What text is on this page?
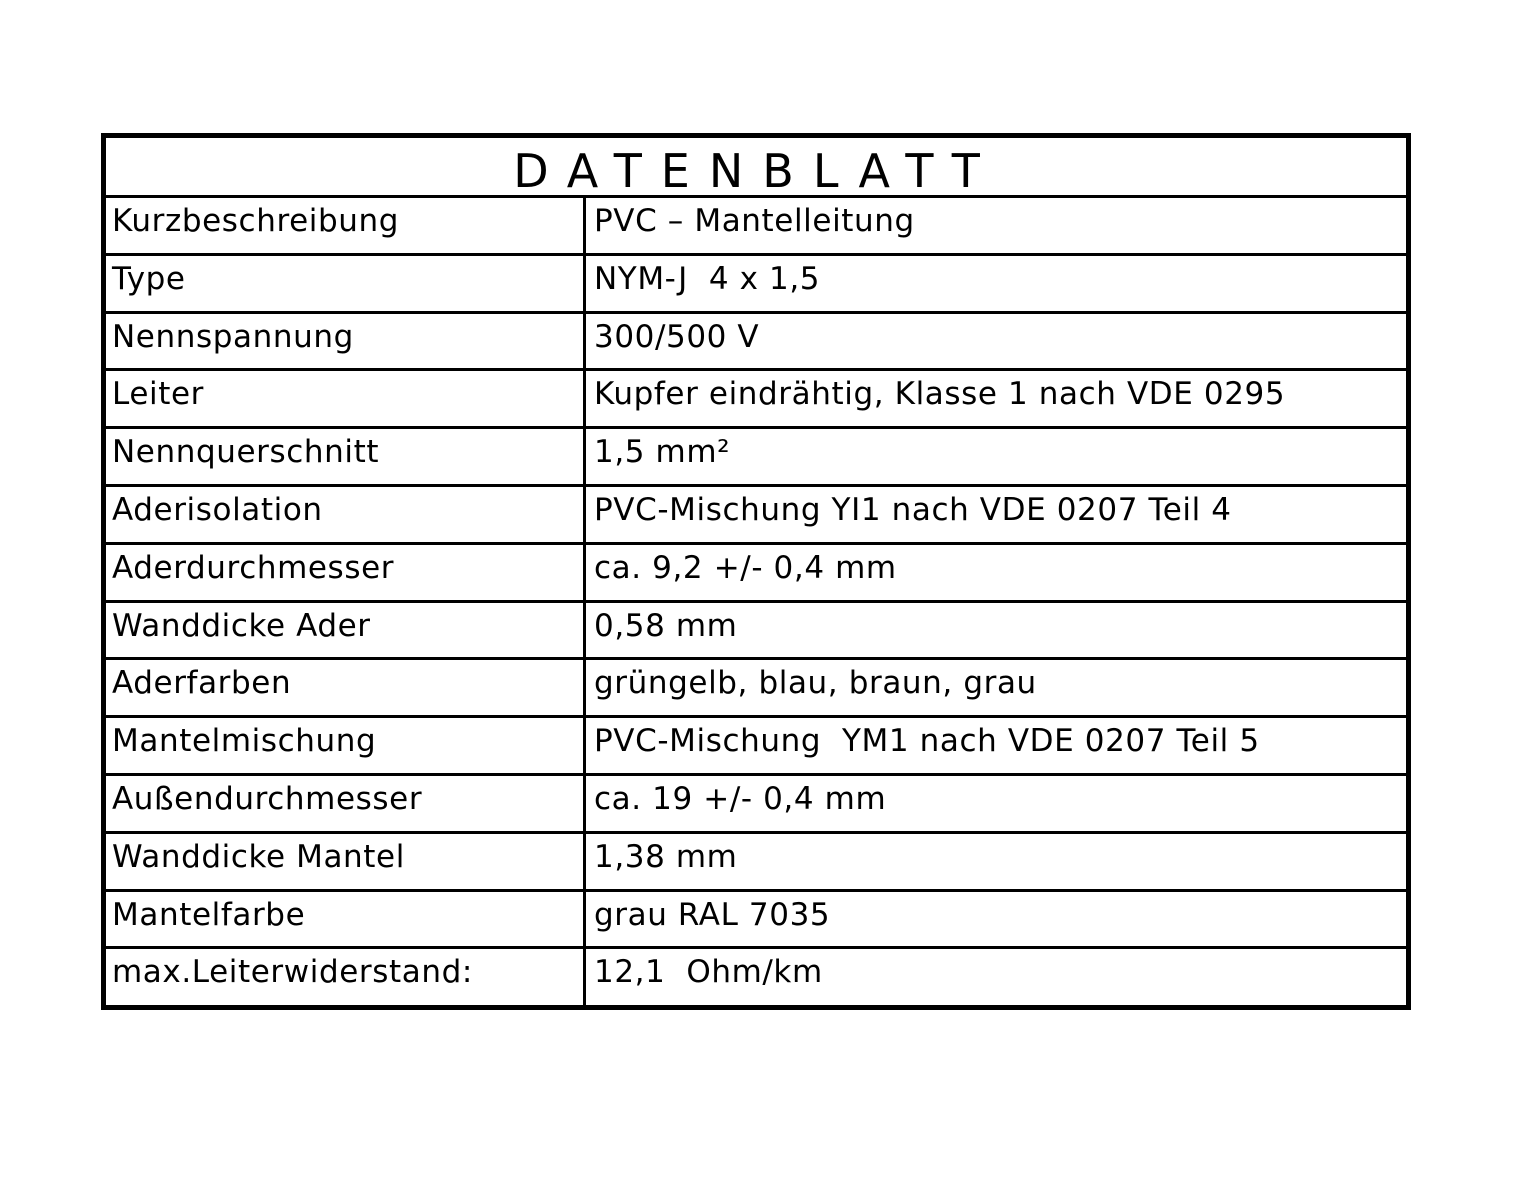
DATENBLATT
Kurzbeschreibung	PVC – Mantelleitung
Type	NYM-J  4 x 1,5
Nennspannung	300/500 V
Leiter	Kupfer eindrähtig, Klasse 1 nach VDE 0295
Nennquerschnitt	1,5 mm²
Aderisolation	PVC-Mischung YI1 nach VDE 0207 Teil 4
Aderdurchmesser	ca. 9,2 +/- 0,4 mm
Wanddicke Ader	0,58 mm
Aderfarben	grüngelb, blau, braun, grau
Mantelmischung	PVC-Mischung  YM1 nach VDE 0207 Teil 5
Außendurchmesser	ca. 19 +/- 0,4 mm
Wanddicke Mantel	1,38 mm
Mantelfarbe	grau RAL 7035
max.Leiterwiderstand:	12,1  Ohm/km
